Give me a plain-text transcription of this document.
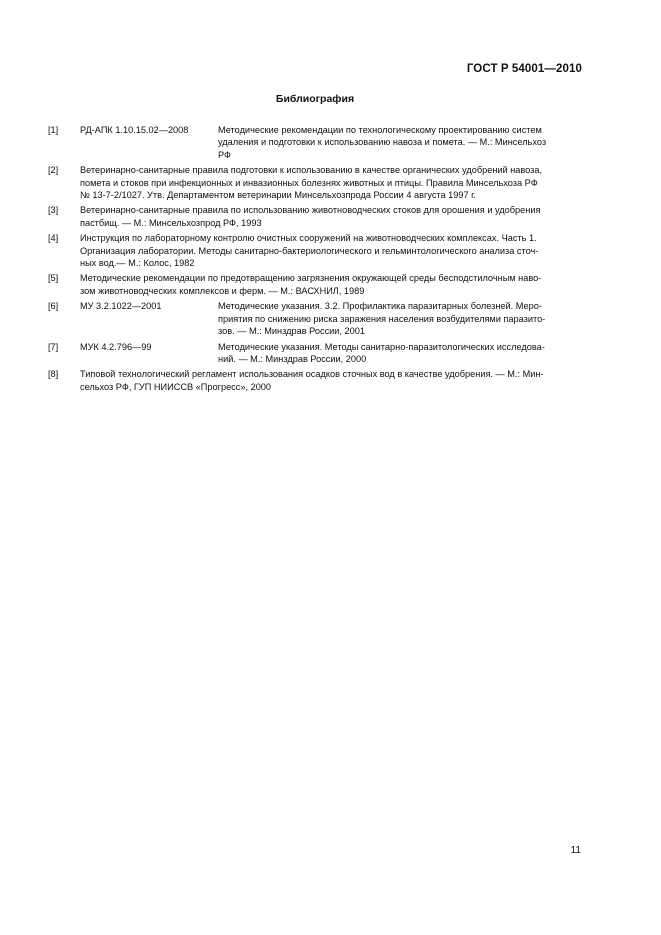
ГОСТ Р 54001—2010
Библиография
[1] РД-АПК 1.10.15.02—2008	Методические рекомендации по технологическому проектированию систем
удаления и подготовки к использованию навоза и помета. — М.: Минсельхоз
РФ
[2] Ветеринарно-санитарные правила подготовки к использованию в качестве органических удобрений навоза,
помета и стоков при инфекционных и инвазионных болезнях животных и птицы. Правила Минсельхоза РФ
№ 13-7-2/1027. Утв. Департаментом ветеринарии Минсельхозпрода России 4 августа 1997 г.
[3] Ветеринарно-санитарные правила по использованию животноводческих стоков для орошения и удобрения
пастбищ. — М.: Минсельхозпрод РФ, 1993
[4] Инструкция по лабораторному контролю очистных сооружений на животноводческих комплексах. Часть 1.
Организация лаборатории. Методы санитарно-бактериологического и гельминтологического анализа сточ-
ных вод.— М.: Колос, 1982
[5] Методические рекомендации по предотвращению загрязнения окружающей среды бесподстилочным наво-
зом животноводческих комплексов и ферм. — М.: ВАСХНИЛ, 1989
[6] МУ 3.2.1022—2001	Методические указания. 3.2. Профилактика паразитарных болезней. Меро-
приятия по снижению риска заражения населения возбудителями паразито-
зов. — М.: Минздрав России, 2001
[7] МУК 4.2.796—99	Методические указания. Методы санитарно-паразитологических исследова-
ний. — М.: Минздрав России, 2000
[8] Типовой технологический регламент использования осадков сточных вод в качестве удобрения. — М.: Мин-
сельхоз РФ, ГУП НИИССВ «Прогресс», 2000
11
